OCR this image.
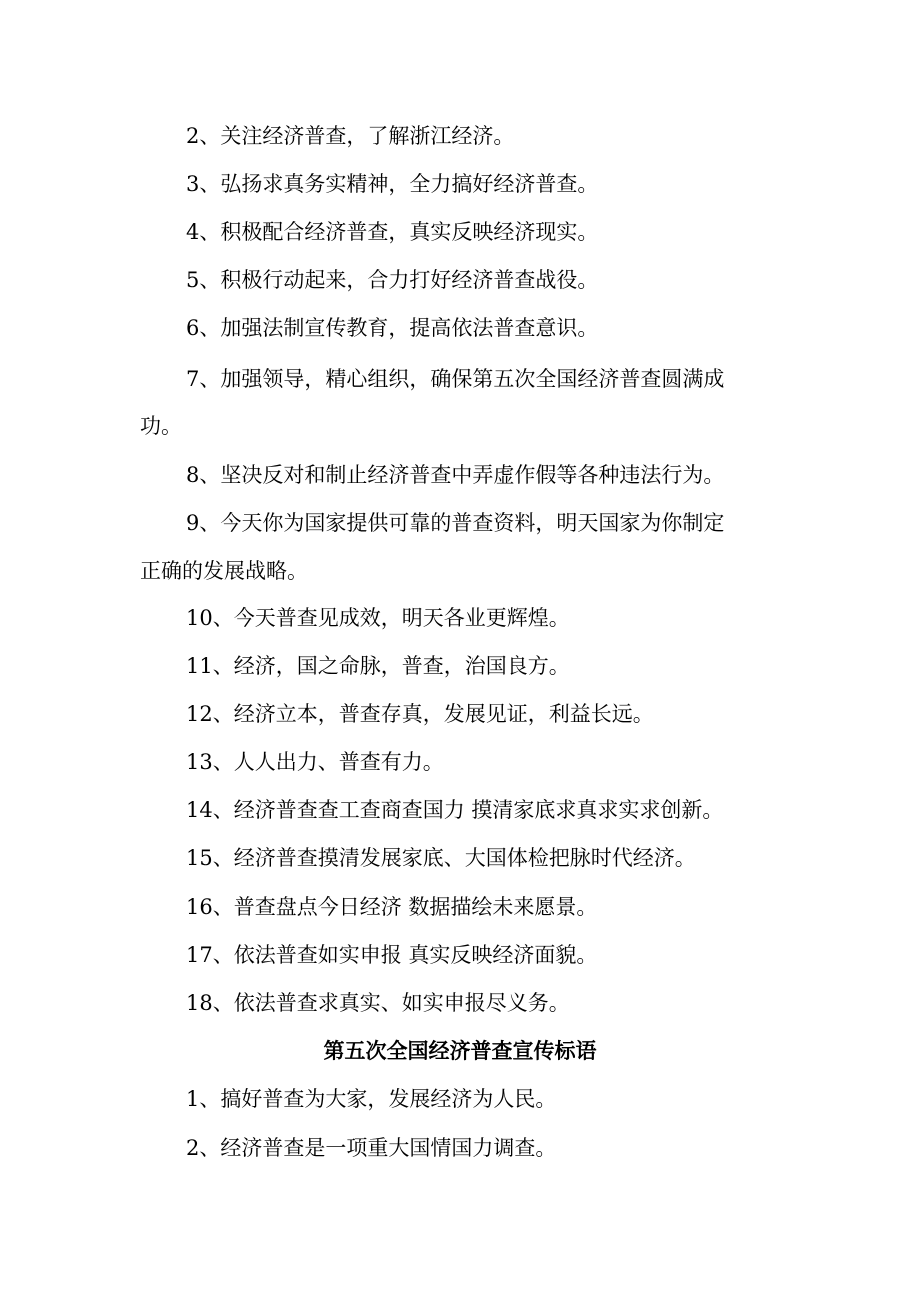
2、关注经济普查，了解浙江经济。
3、弘扬求真务实精神，全力搞好经济普查。
4、积极配合经济普查，真实反映经济现实。
5、积极行动起来，合力打好经济普查战役。
6、加强法制宣传教育，提高依法普查意识。
7、加强领导，精心组织，确保第五次全国经济普查圆满成
功。
8、坚决反对和制止经济普查中弄虚作假等各种违法行为。
9、今天你为国家提供可靠的普查资料，明天国家为你制定
正确的发展战略。
10、今天普查见成效，明天各业更辉煌。
11、经济，国之命脉，普查，治国良方。
12、经济立本，普查存真，发展见证，利益长远。
13、人人出力、普查有力。
14、经济普查查工查商查国力 摸清家底求真求实求创新。
15、经济普查摸清发展家底、大国体检把脉时代经济。
16、普查盘点今日经济 数据描绘未来愿景。
17、依法普查如实申报 真实反映经济面貌。
18、依法普查求真实、如实申报尽义务。
第五次全国经济普查宣传标语
1、搞好普查为大家，发展经济为人民。
2、经济普查是一项重大国情国力调查。
